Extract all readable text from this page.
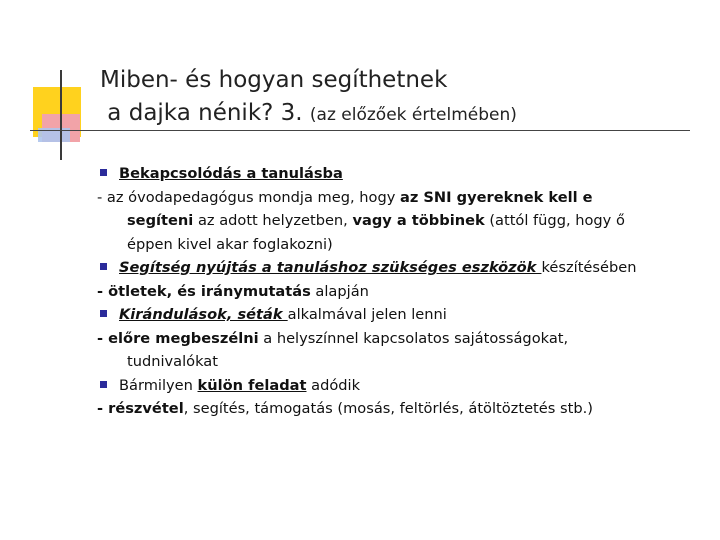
Miben- és hogyan segíthetnek
a dajka nénik? 3. (az előzőek értelmében)
Bekapcsolódás a tanulásba
- az óvodapedagógus mondja meg, hogy az SNI gyereknek kell e
segíteni az adott helyzetben, vagy a többinek (attól függ, hogy ő
éppen kivel akar foglakozni)
Segítség nyújtás a tanuláshoz szükséges eszközök készítésében
- ötletek, és iránymutatás alapján
Kirándulások, séták alkalmával jelen lenni
- előre megbeszélni a helyszínnel kapcsolatos sajátosságokat,
tudnivalókat
Bármilyen külön feladat adódik
- részvétel, segítés, támogatás (mosás, feltörlés, átöltöztetés stb.)
